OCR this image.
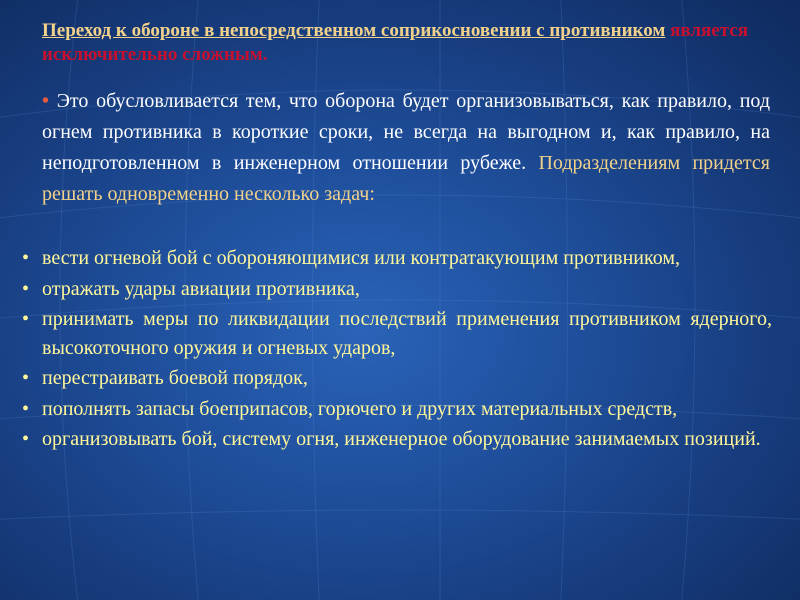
Переход к обороне в непосредственном соприкосновении с противником является исключительно сложным.

• Это обусловливается тем, что оборона будет организовываться, как правило, под огнем противника в короткие сроки, не всегда на выгодном и, как правило, на неподготовленном в инженерном отношении рубеже. Подразделениям придется решать одновременно несколько задач:

• вести огневой бой с обороняющимися или контратакующим противником,
• отражать удары авиации противника,
• принимать меры по ликвидации последствий применения противником ядерного, высокоточного оружия и огневых ударов,
• перестраивать боевой порядок,
• пополнять запасы боеприпасов, горючего и других материальных средств,
• организовывать бой, систему огня, инженерное оборудование занимаемых позиций.
